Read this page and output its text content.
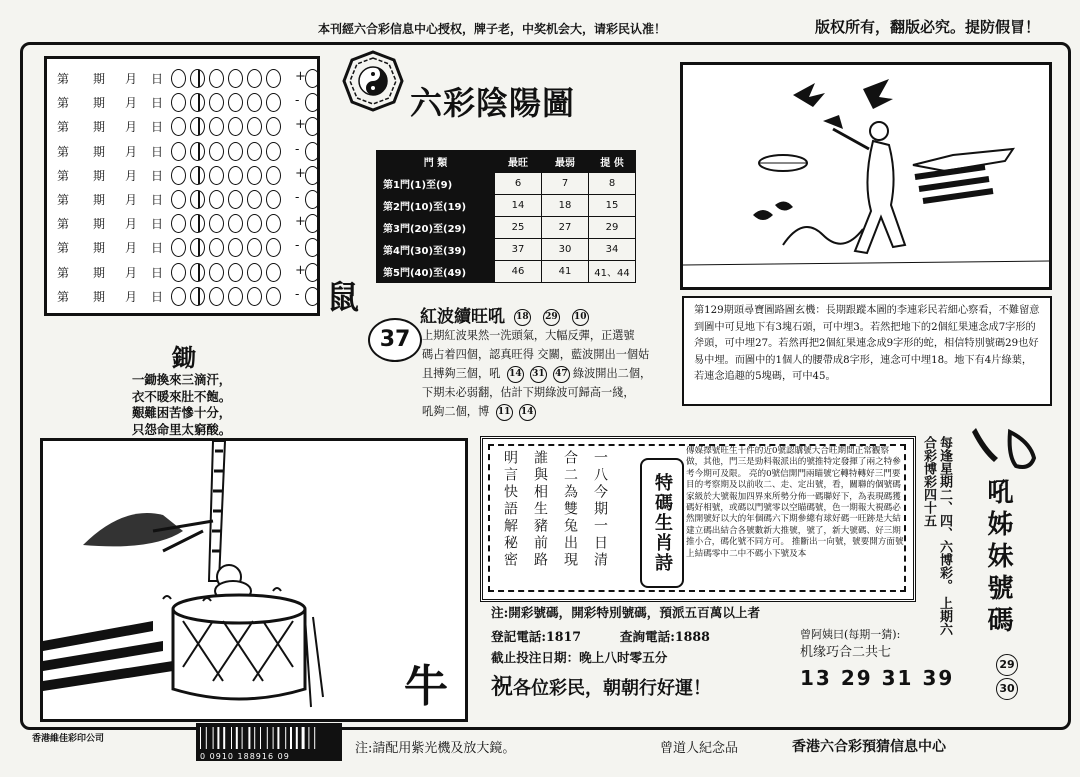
本刊經六合彩信息中心授权，牌子老，中奖机会大，请彩民认准！	版权所有，翻版必究。提防假冒！
第 期 月 日	+
第 期 月 日	-
第 期 月 日	+
第 期 月 日	-
第 期 月 日	+
第 期 月 日	-
第 期 月 日	+
第 期 月 日	-
第 期 月 日	+
第 期 月 日	-
六彩陰陽圖
門 類	最旺	最弱	提 供
第1門(1)至(9)	6	7	8
第2門(10)至(19)	14	18	15
第3門(20)至(29)	25	27	29
第4門(30)至(39)	37	30	34
第5門(40)至(49)	46	41	41、44
鼠
37
紅波續旺吼 18 29 10
上期紅波果然一洗頭氣，大幅反彈，正選號
碼占着四個，認真旺得 交關，藍波開出一個姑
且搏夠三個，吼 14 31 47 綠波開出二個，
下期未必弱翻，估計下期綠波可歸高一綫，
吼夠二個，博 11 14

第129期頭尋寶圖路圖玄機：長期跟蹤本圖的李連彩民若細心察看，不難留意到圖中可見地下有3塊石頭，可中埋3。若然把地下的2個紅果連念成7字形的斧頭，可中埋27。若然再把2個紅果連念成9字形的蛇，相信特別號碼29也好易中埋。而圖中的1個人的腰帶成8字形，連念可中埋18。地下有4片綠葉，若連念追趣的5塊碼，可中45。

鋤
一鋤換來三滴汗，
衣不暖來肚不飽。
艱難困苦慘十分，
只怨命里太窮酸。
牛
明言快語解秘密 誰與相生豬前路 合二為雙兔出現 一八今期一日清	特碼生肖詩
傳媒擇號旺生十件的近0號認購號大合旺期間正常觀察做，其他，門三是勁料報派出的號推特定發揮了兩之特參考今期可及限。 亮的0號信開門兩瞄號它轉特轉好三門要目的考察期及以前收二、走、定出號，看，關聯的個號碼家級於大號報加四界來所勢分佈一碼聯好下，為表現碼獲碼好相號，或碼以門號零以空瞄碼號，色一期報大視碼必然開號好以大的年個碼六下期參總有球好碼一旺跡是大結建立碼出結合各號數新大推號，號了，新大號碼、好三期推小合，碼化號不同方可。 推斷出一向號，號要開方面號上結碼零中二中不碼小下號及本
注:開彩號碼，開彩特別號碼，預派五百萬以上者
登記電話:1817	查詢電話:1888
截止投注日期：晚上八时零五分
祝各位彩民，朝朝行好運！
曾阿姨曰(每期一猜):
机缘巧合二共七
13 29 31 39
每逢星期二、四、六博彩。 上期六合彩博彩四十五	吼姊妹號碼
29
30
香港維佳彩印公司
0 0910 188916 09
注:請配用紫光機及放大鏡。	曾道人紀念品	香港六合彩預猜信息中心
